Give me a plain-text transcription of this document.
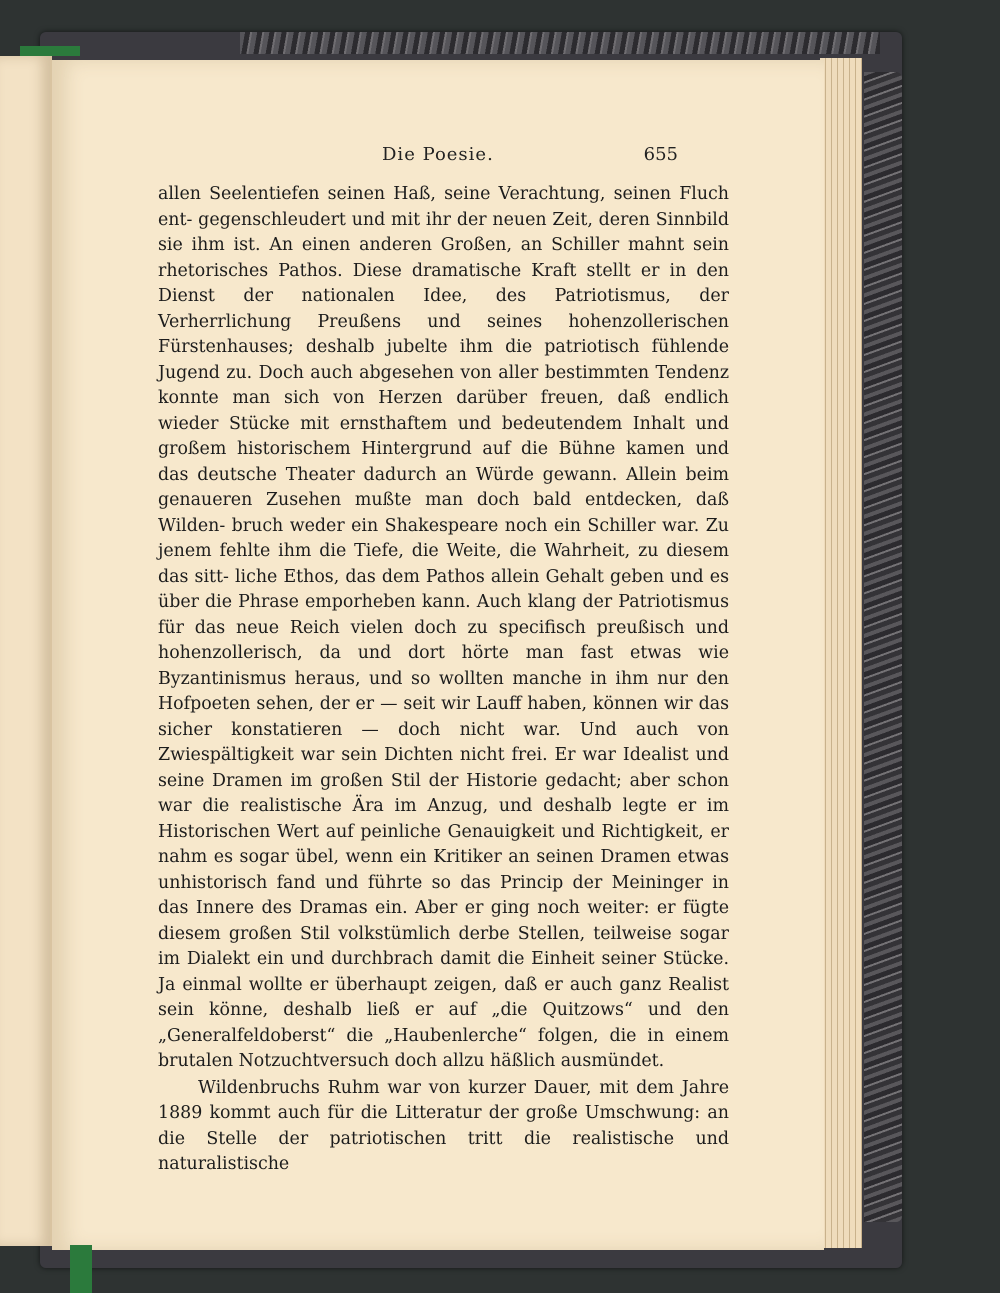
Die Poesie.	655

allen Seelentiefen seinen Haß, seine Verachtung, seinen Fluch ent- gegenschleudert und mit ihr der neuen Zeit, deren Sinnbild sie ihm ist. An einen anderen Großen, an Schiller mahnt sein rhetorisches Pathos. Diese dramatische Kraft stellt er in den Dienst der nationalen Idee, des Patriotismus, der Verherrlichung Preußens und seines hohenzollerischen Fürstenhauses; deshalb jubelte ihm die patriotisch fühlende Jugend zu. Doch auch abgesehen von aller bestimmten Tendenz konnte man sich von Herzen darüber freuen, daß endlich wieder Stücke mit ernsthaftem und bedeutendem Inhalt und großem historischem Hintergrund auf die Bühne kamen und das deutsche Theater dadurch an Würde gewann. Allein beim genaueren Zusehen mußte man doch bald entdecken, daß Wilden- bruch weder ein Shakespeare noch ein Schiller war. Zu jenem fehlte ihm die Tiefe, die Weite, die Wahrheit, zu diesem das sitt- liche Ethos, das dem Pathos allein Gehalt geben und es über die Phrase emporheben kann. Auch klang der Patriotismus für das neue Reich vielen doch zu specifisch preußisch und hohenzollerisch, da und dort hörte man fast etwas wie Byzantinismus heraus, und so wollten manche in ihm nur den Hofpoeten sehen, der er — seit wir Lauff haben, können wir das sicher konstatieren — doch nicht war. Und auch von Zwiespältigkeit war sein Dichten nicht frei. Er war Idealist und seine Dramen im großen Stil der Historie gedacht; aber schon war die realistische Ära im Anzug, und deshalb legte er im Historischen Wert auf peinliche Genauigkeit und Richtigkeit, er nahm es sogar übel, wenn ein Kritiker an seinen Dramen etwas unhistorisch fand und führte so das Princip der Meininger in das Innere des Dramas ein. Aber er ging noch weiter: er fügte diesem großen Stil volkstümlich derbe Stellen, teilweise sogar im Dialekt ein und durchbrach damit die Einheit seiner Stücke. Ja einmal wollte er überhaupt zeigen, daß er auch ganz Realist sein könne, deshalb ließ er auf „die Quitzows“ und den „Generalfeldoberst“ die „Haubenlerche“ folgen, die in einem brutalen Notzuchtversuch doch allzu häßlich ausmündet.

Wildenbruchs Ruhm war von kurzer Dauer, mit dem Jahre 1889 kommt auch für die Litteratur der große Umschwung: an die Stelle der patriotischen tritt die realistische und naturalistische
